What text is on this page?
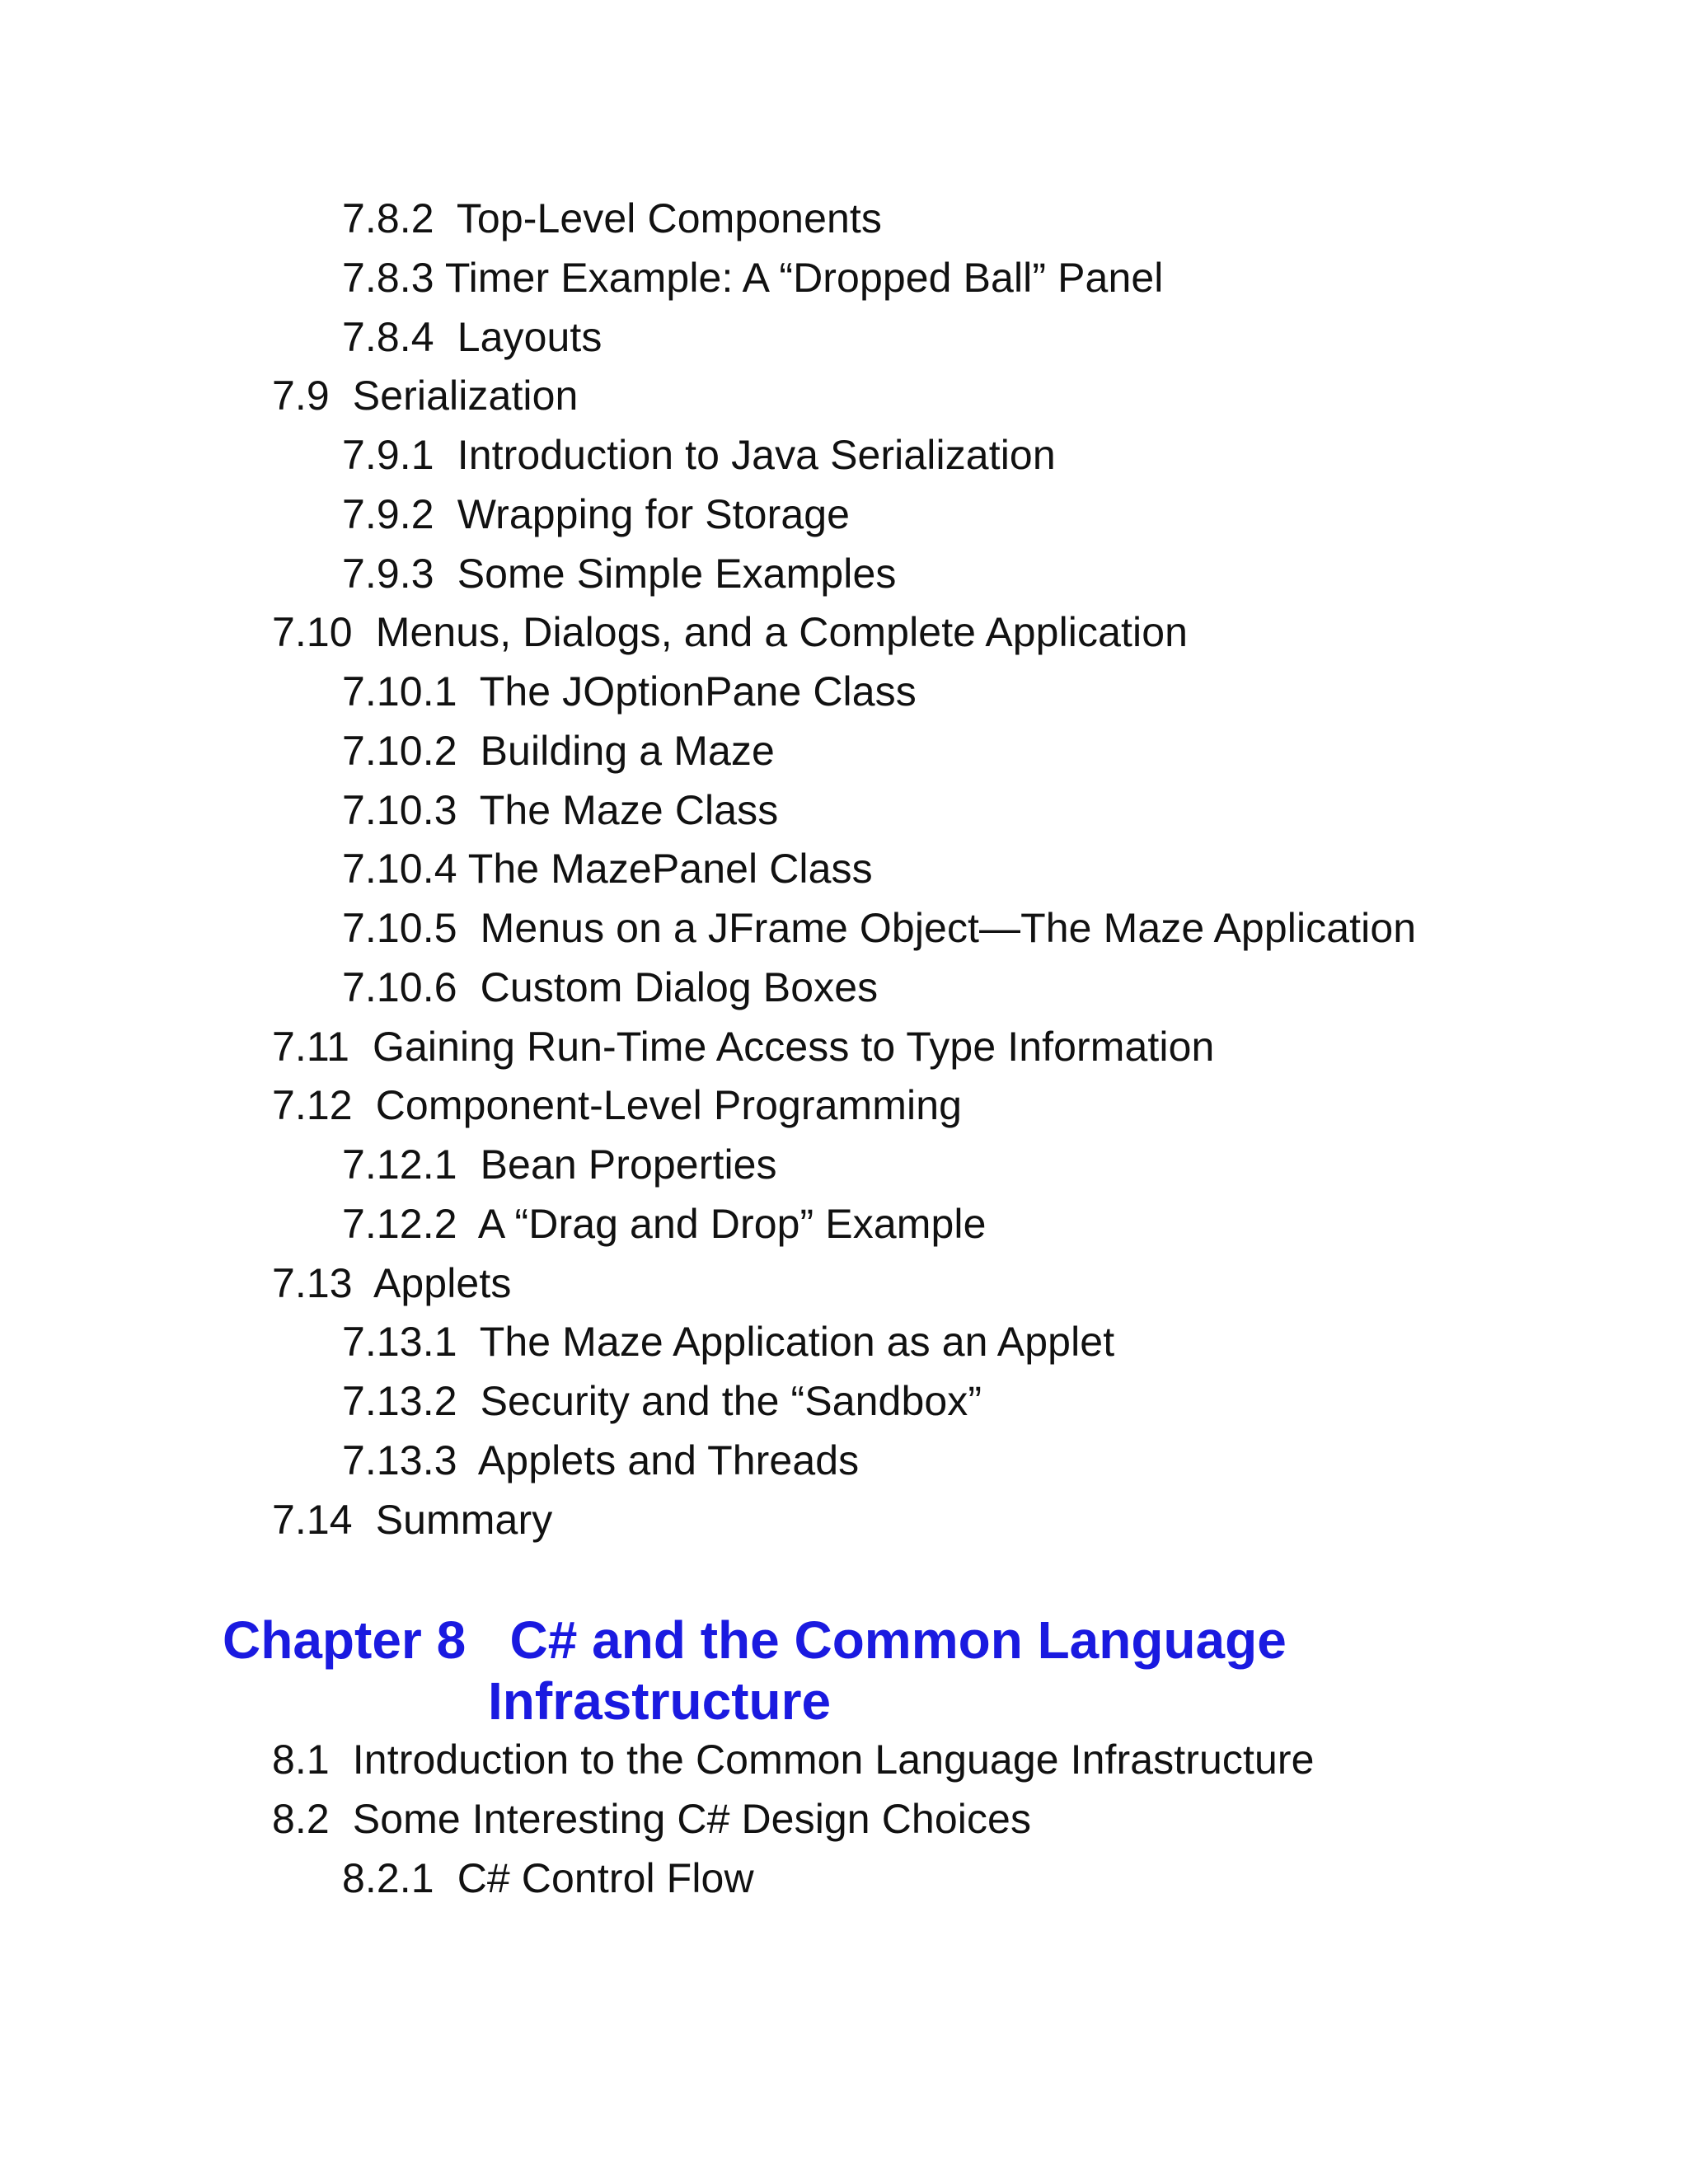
7.8.2 Top-Level Components
7.8.3 Timer Example: A “Dropped Ball” Panel
7.8.4 Layouts
7.9 Serialization
7.9.1 Introduction to Java Serialization
7.9.2 Wrapping for Storage
7.9.3 Some Simple Examples
7.10 Menus, Dialogs, and a Complete Application
7.10.1 The JOptionPane Class
7.10.2 Building a Maze
7.10.3 The Maze Class
7.10.4 The MazePanel Class
7.10.5 Menus on a JFrame Object—The Maze Application
7.10.6 Custom Dialog Boxes
7.11 Gaining Run-Time Access to Type Information
7.12 Component-Level Programming
7.12.1 Bean Properties
7.12.2 A “Drag and Drop” Example
7.13 Applets
7.13.1 The Maze Application as an Applet
7.13.2 Security and the “Sandbox”
7.13.3 Applets and Threads
7.14 Summary
Chapter 8 C# and the Common Language
Infrastructure
8.1 Introduction to the Common Language Infrastructure
8.2 Some Interesting C# Design Choices
8.2.1 C# Control Flow
